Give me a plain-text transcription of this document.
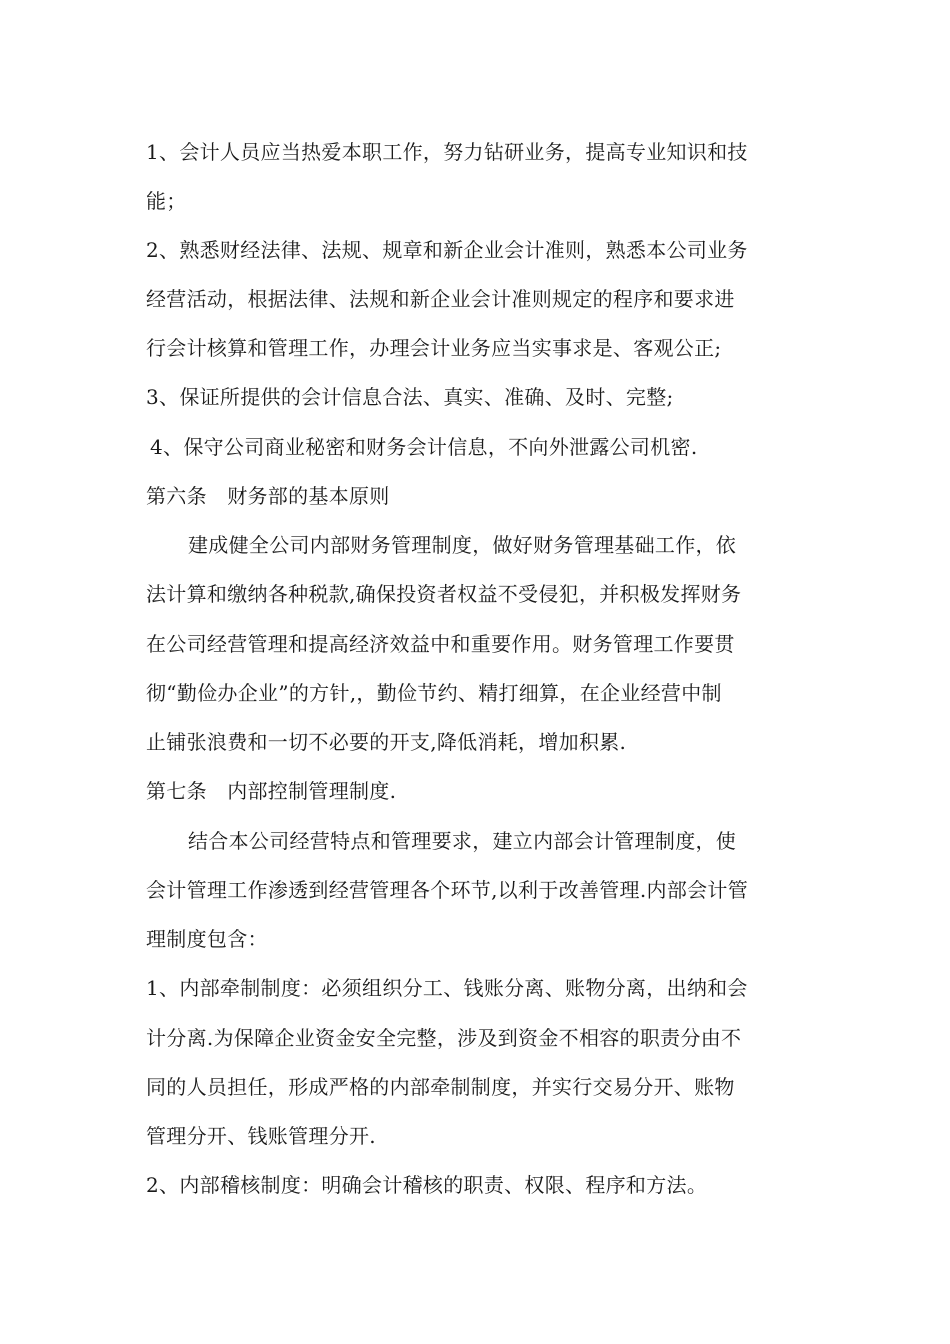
1、会计人员应当热爱本职工作，努力钻研业务，提高专业知识和技
能；
2、熟悉财经法律、法规、规章和新企业会计准则，熟悉本公司业务
经营活动，根据法律、法规和新企业会计准则规定的程序和要求进
行会计核算和管理工作，办理会计业务应当实事求是、客观公正;
3、保证所提供的会计信息合法、真实、准确、及时、完整;
4、保守公司商业秘密和财务会计信息，不向外泄露公司机密.
第六条　财务部的基本原则
建成健全公司内部财务管理制度，做好财务管理基础工作，依
法计算和缴纳各种税款,确保投资者权益不受侵犯，并积极发挥财务
在公司经营管理和提高经济效益中和重要作用。财务管理工作要贯
彻“勤俭办企业”的方针,，勤俭节约、精打细算，在企业经营中制
止铺张浪费和一切不必要的开支,降低消耗，增加积累.
第七条　内部控制管理制度.
结合本公司经营特点和管理要求，建立内部会计管理制度，使
会计管理工作渗透到经营管理各个环节,以利于改善管理.内部会计管
理制度包含：
1、内部牵制制度：必须组织分工、钱账分离、账物分离，出纳和会
计分离.为保障企业资金安全完整，涉及到资金不相容的职责分由不
同的人员担任，形成严格的内部牵制制度，并实行交易分开、账物
管理分开、钱账管理分开.
2、内部稽核制度：明确会计稽核的职责、权限、程序和方法。
